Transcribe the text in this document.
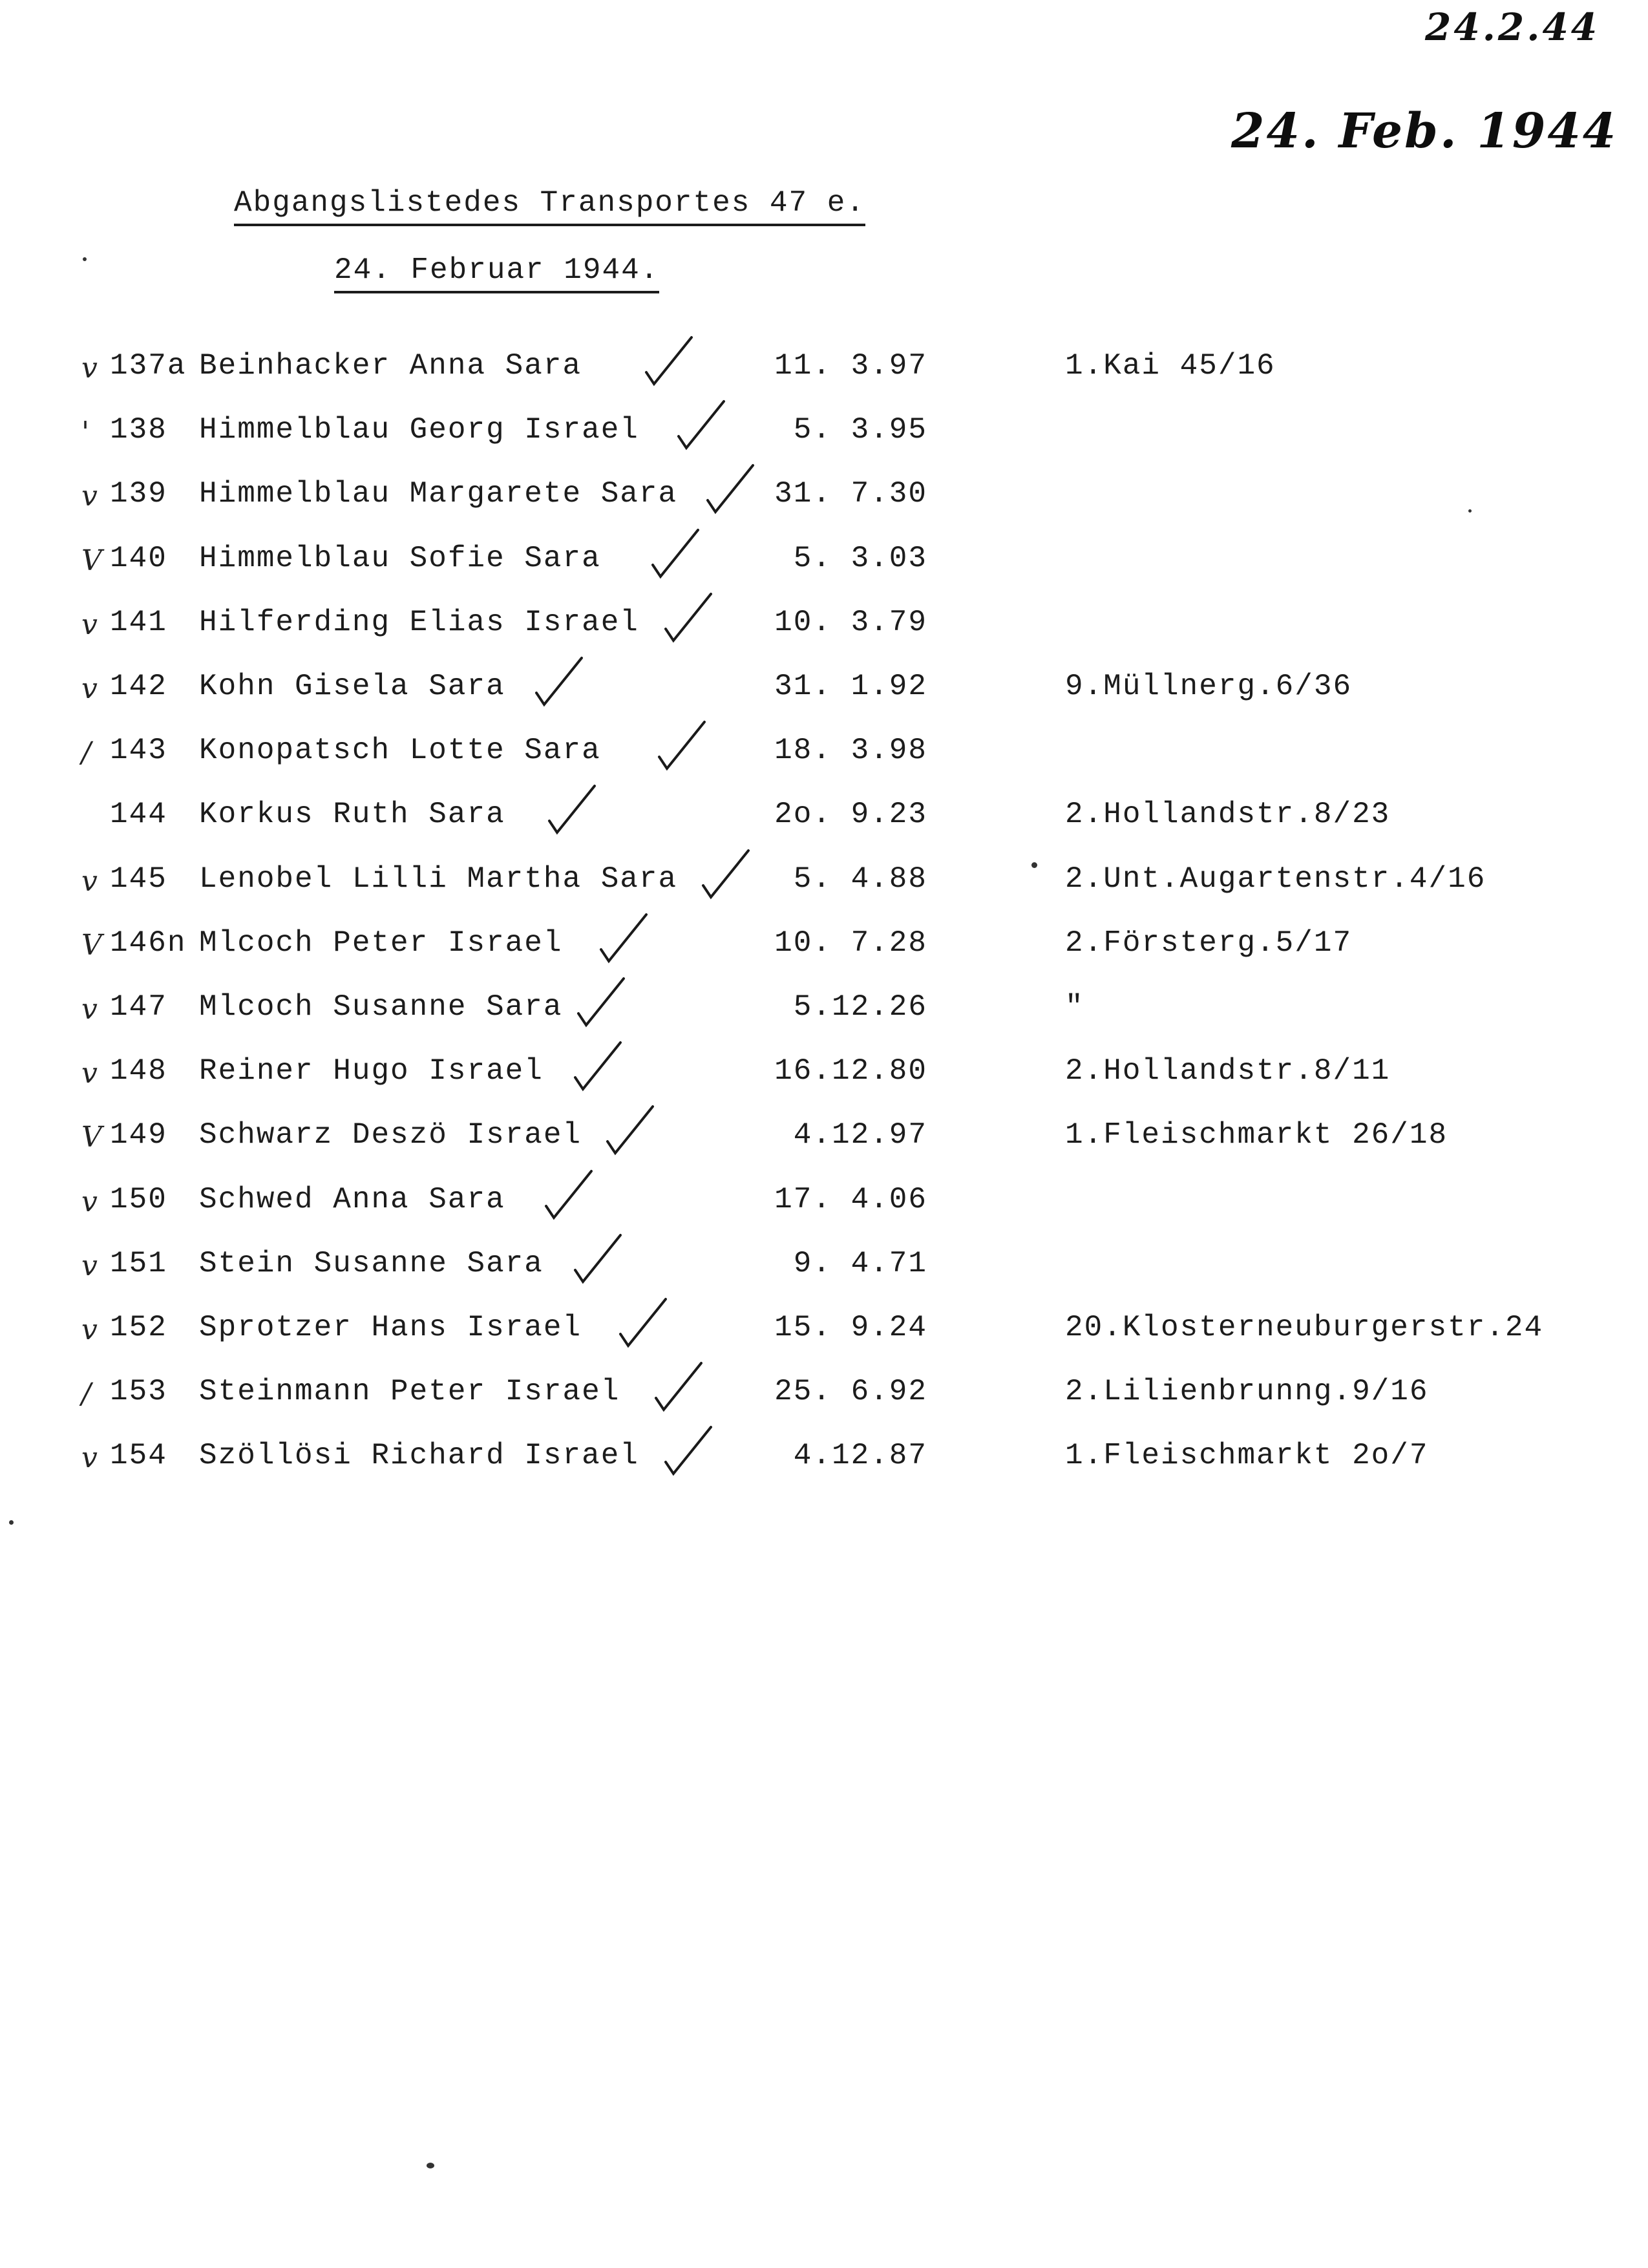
24.2.44
24. Feb. 1944
Abgangslistedes Transportes 47 e.
24. Februar 1944.
v 137a Beinhacker Anna Sara	11. 3.97	1.Kai 45/16
' 138 Himmelblau Georg Israel	5. 3.95
v 139 Himmelblau Margarete Sara	31. 7.30
V 140 Himmelblau Sofie Sara	5. 3.03
v 141 Hilferding Elias Israel	10. 3.79
v 142 Kohn Gisela Sara	31. 1.92	9.Müllnerg.6/36
/ 143 Konopatsch Lotte Sara	18. 3.98
144 Korkus Ruth Sara	2o. 9.23	2.Hollandstr.8/23
v 145 Lenobel Lilli Martha Sara	5. 4.88	2.Unt.Augartenstr.4/16
V 146n Mlcoch Peter Israel	10. 7.28	2.Försterg.5/17
v 147 Mlcoch Susanne Sara	5.12.26	"
v 148 Reiner Hugo Israel	16.12.80	2.Hollandstr.8/11
V 149 Schwarz Deszö Israel	4.12.97	1.Fleischmarkt 26/18
v 150 Schwed Anna Sara	17. 4.06
v 151 Stein Susanne Sara	9. 4.71
v 152 Sprotzer Hans Israel	15. 9.24	20.Klosterneuburgerstr.24
/ 153 Steinmann Peter Israel	25. 6.92	2.Lilienbrunng.9/16
v 154 Szöllösi Richard Israel	4.12.87	1.Fleischmarkt 2o/7
